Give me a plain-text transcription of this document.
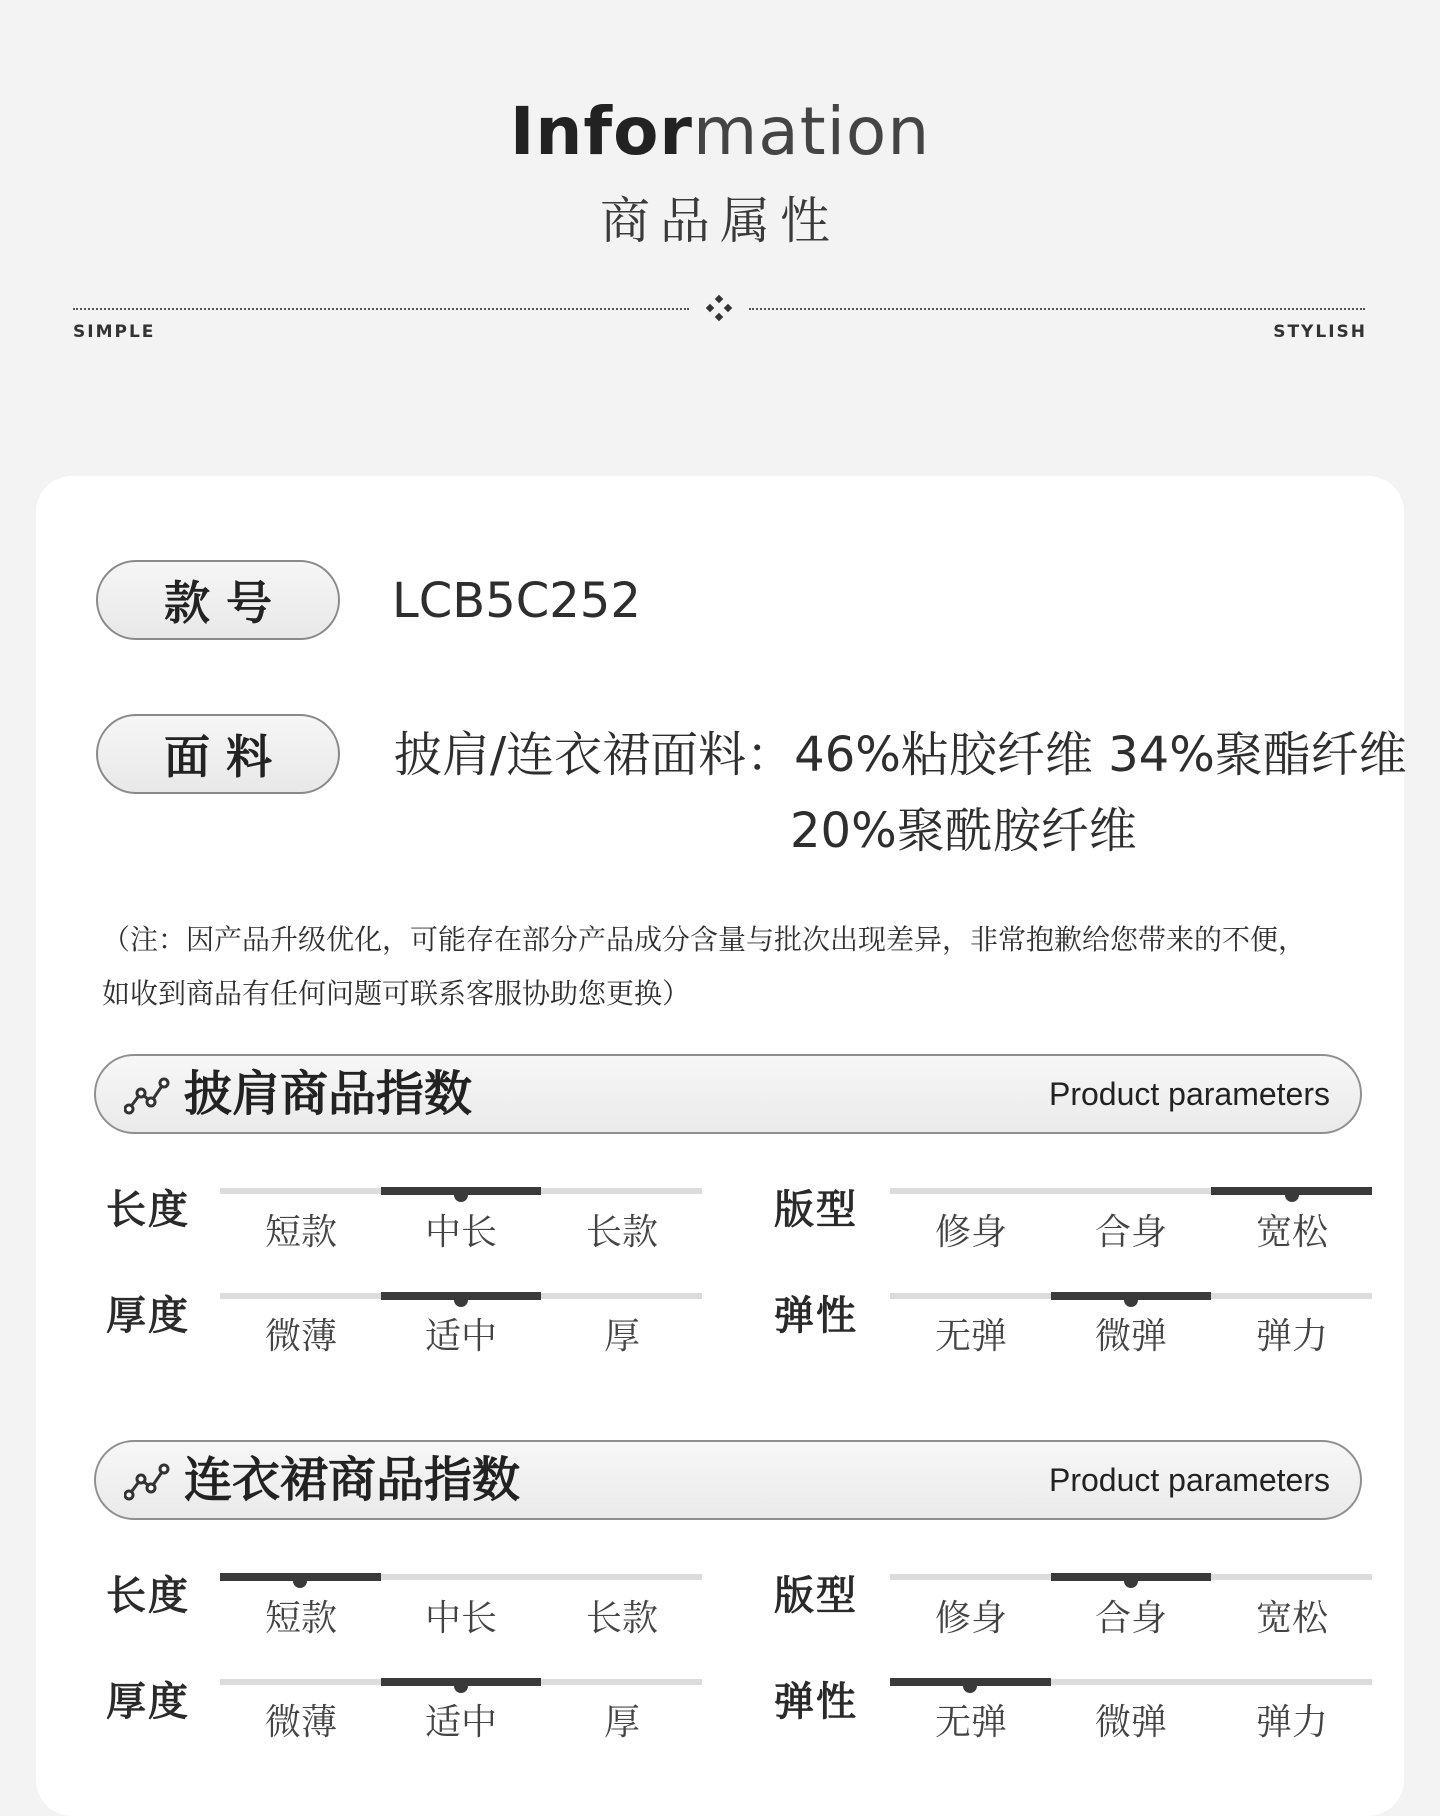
Information
商品属性
SIMPLE	STYLISH
款号	LCB5C252
面料	披肩/连衣裙面料：46%粘胶纤维 34%聚酯纤维
20%聚酰胺纤维
（注：因产品升级优化，可能存在部分产品成分含量与批次出现差异，非常抱歉给您带来的不便，
如收到商品有任何问题可联系客服协助您更换）
披肩商品指数	Product parameters
长度	短款	中长	长款	版型	修身	合身	宽松
厚度	微薄	适中	厚	弹性	无弹	微弹	弹力
连衣裙商品指数	Product parameters
长度	短款	中长	长款	版型	修身	合身	宽松
厚度	微薄	适中	厚	弹性	无弹	微弹	弹力
